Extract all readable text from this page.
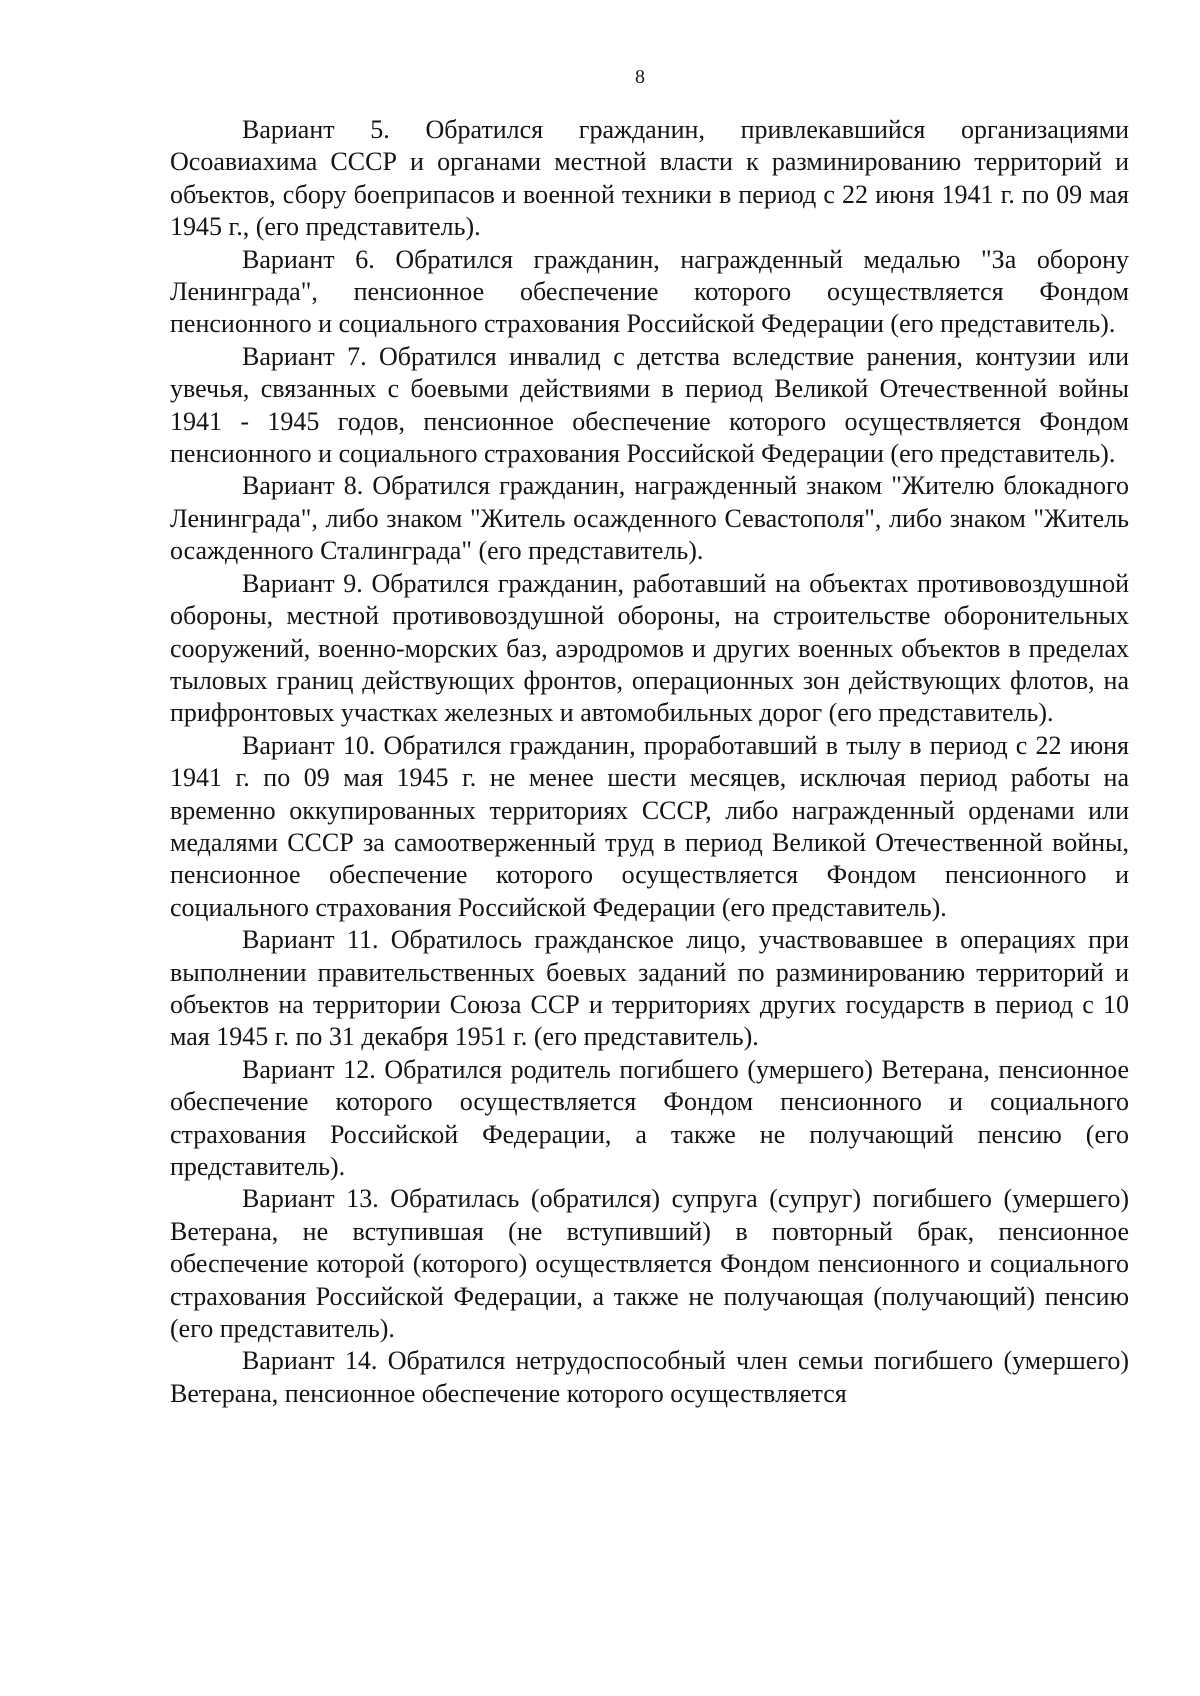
8

Вариант 5. Обратился гражданин, привлекавшийся организациями Осоавиахима СССР и органами местной власти к разминированию территорий и объектов, сбору боеприпасов и военной техники в период с 22 июня 1941 г. по 09 мая 1945 г., (его представитель).

Вариант 6. Обратился гражданин, награжденный медалью "За оборону Ленинграда", пенсионное обеспечение которого осуществляется Фондом пенсионного и социального страхования Российской Федерации (его представитель).

Вариант 7. Обратился инвалид с детства вследствие ранения, контузии или увечья, связанных с боевыми действиями в период Великой Отечественной войны 1941 - 1945 годов, пенсионное обеспечение которого осуществляется Фондом пенсионного и социального страхования Российской Федерации (его представитель).

Вариант 8. Обратился гражданин, награжденный знаком "Жителю блокадного Ленинграда", либо знаком "Житель осажденного Севастополя", либо знаком "Житель осажденного Сталинграда" (его представитель).

Вариант 9. Обратился гражданин, работавший на объектах противовоздушной обороны, местной противовоздушной обороны, на строительстве оборонительных сооружений, военно-морских баз, аэродромов и других военных объектов в пределах тыловых границ действующих фронтов, операционных зон действующих флотов, на прифронтовых участках железных и автомобильных дорог (его представитель).

Вариант 10. Обратился гражданин, проработавший в тылу в период с 22 июня 1941 г. по 09 мая 1945 г. не менее шести месяцев, исключая период работы на временно оккупированных территориях СССР, либо награжденный орденами или медалями СССР за самоотверженный труд в период Великой Отечественной войны, пенсионное обеспечение которого осуществляется Фондом пенсионного и социального страхования Российской Федерации (его представитель).

Вариант 11. Обратилось гражданское лицо, участвовавшее в операциях при выполнении правительственных боевых заданий по разминированию территорий и объектов на территории Союза ССР и территориях других государств в период с 10 мая 1945 г. по 31 декабря 1951 г. (его представитель).

Вариант 12. Обратился родитель погибшего (умершего) Ветерана, пенсионное обеспечение которого осуществляется Фондом пенсионного и социального страхования Российской Федерации, а также не получающий пенсию (его представитель).

Вариант 13. Обратилась (обратился) супруга (супруг) погибшего (умершего) Ветерана, не вступившая (не вступивший) в повторный брак, пенсионное обеспечение которой (которого) осуществляется Фондом пенсионного и социального страхования Российской Федерации, а также не получающая (получающий) пенсию (его представитель).

Вариант 14. Обратился нетрудоспособный член семьи погибшего (умершего) Ветерана, пенсионное обеспечение которого осуществляется
